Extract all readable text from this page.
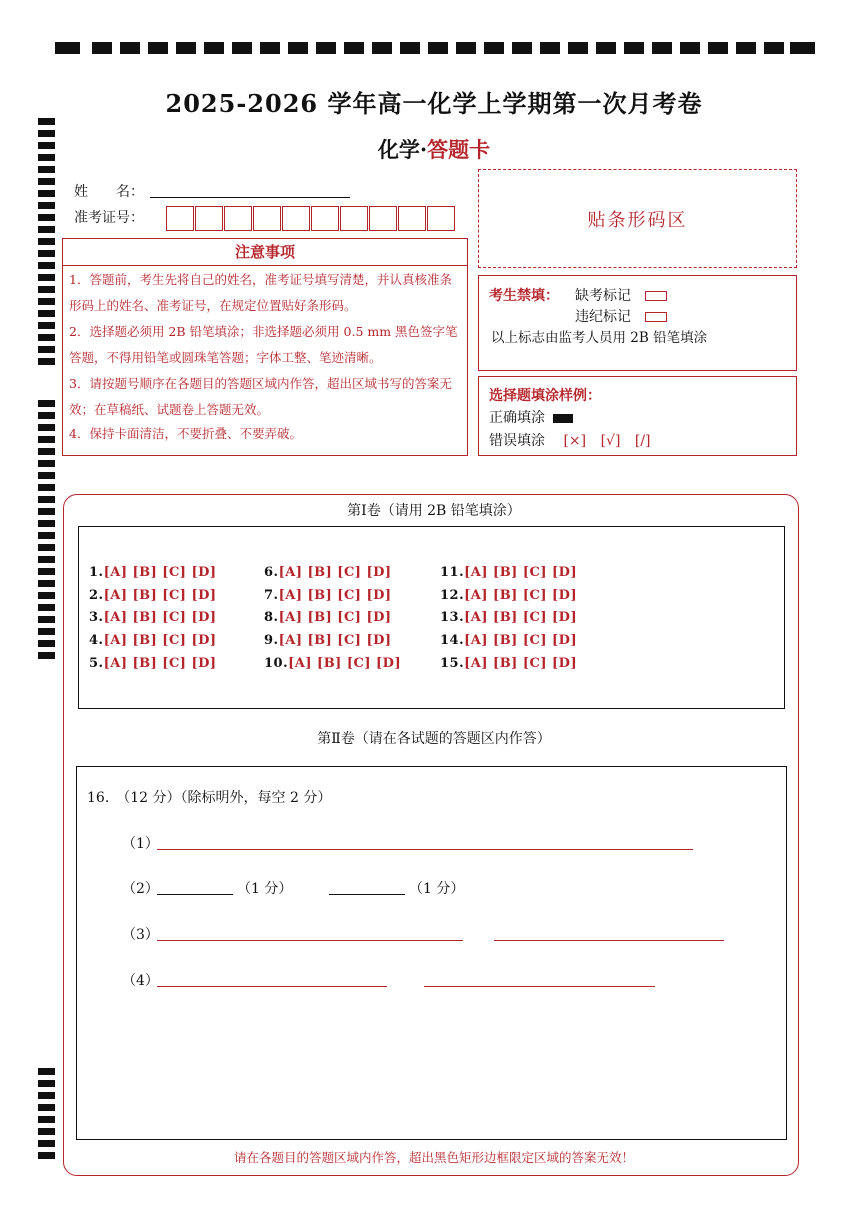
2025-2026 学年高一化学上学期第一次月考卷
化学·答题卡
姓　　名：
准考证号：	贴条形码区
注意事项
1．答题前，考生先将自己的姓名，准考证号填写清楚，并认真核准条形码上的姓名、准考证号，在规定位置贴好条形码。
2．选择题必须用 2B 铅笔填涂；非选择题必须用 0.5 mm 黑色签字笔答题，不得用铅笔或圆珠笔答题；字体工整、笔迹清晰。
3．请按题号顺序在各题目的答题区域内作答，超出区域书写的答案无效；在草稿纸、试题卷上答题无效。
4．保持卡面清洁，不要折叠、不要弄破。
考生禁填： 缺考标记
违纪标记
以上标志由监考人员用 2B 铅笔填涂
选择题填涂样例：
正确填涂
错误填涂 [×] [√] [/]
第Ⅰ卷（请用 2B 铅笔填涂）
1.[A] [B] [C] [D]
2.[A] [B] [C] [D]
3.[A] [B] [C] [D]
4.[A] [B] [C] [D]
5.[A] [B] [C] [D]
6.[A] [B] [C] [D]
7.[A] [B] [C] [D]
8.[A] [B] [C] [D]
9.[A] [B] [C] [D]
10.[A] [B] [C] [D]
11.[A] [B] [C] [D]
12.[A] [B] [C] [D]
13.[A] [B] [C] [D]
14.[A] [B] [C] [D]
15.[A] [B] [C] [D]
第Ⅱ卷（请在各试题的答题区内作答）
16.　（12 分）（除标明外，每空 2 分）
（1）
（2）	（1 分）	（1 分）
（3）
（4）
请在各题目的答题区域内作答，超出黑色矩形边框限定区域的答案无效！
